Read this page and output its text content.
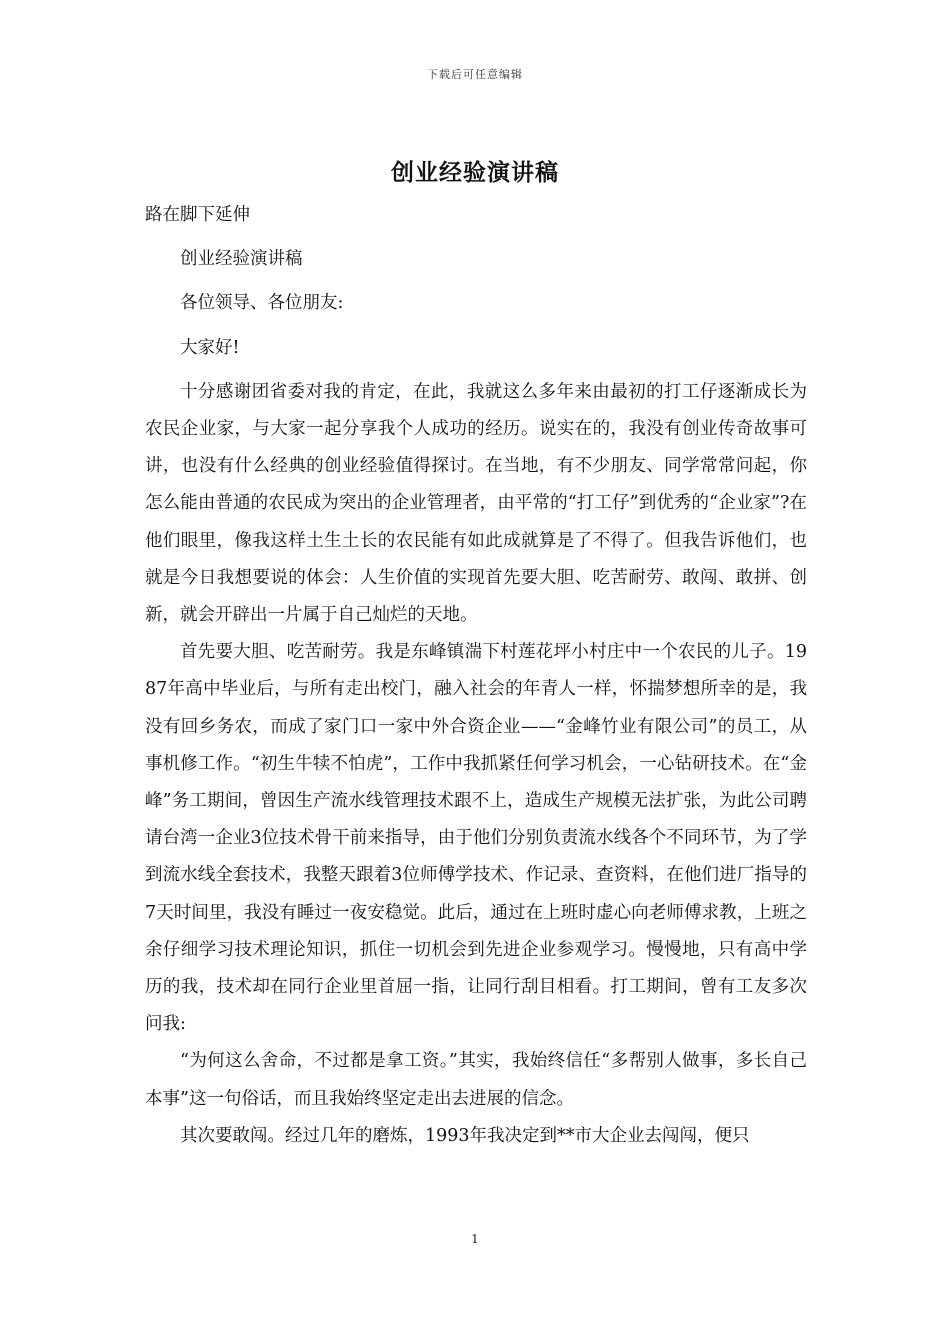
下载后可任意编辑
创业经验演讲稿

路在脚下延伸

创业经验演讲稿

各位领导、各位朋友:

大家好!

十分感谢团省委对我的肯定，在此，我就这么多年来由最初的打工仔逐渐成长为农民企业家，与大家一起分享我个人成功的经历。说实在的，我没有创业传奇故事可讲，也没有什么经典的创业经验值得探讨。在当地，有不少朋友、同学常常问起，你怎么能由普通的农民成为突出的企业管理者，由平常的“打工仔”到优秀的“企业家”?在他们眼里，像我这样土生土长的农民能有如此成就算是了不得了。但我告诉他们，也就是今日我想要说的体会：人生价值的实现首先要大胆、吃苦耐劳、敢闯、敢拼、创新，就会开辟出一片属于自己灿烂的天地。

首先要大胆、吃苦耐劳。我是东峰镇湍下村莲花坪小村庄中一个农民的儿子。1987年高中毕业后，与所有走出校门，融入社会的年青人一样，怀揣梦想所幸的是，我没有回乡务农，而成了家门口一家中外合资企业——“金峰竹业有限公司”的员工，从事机修工作。“初生牛犊不怕虎”，工作中我抓紧任何学习机会，一心钻研技术。在“金峰”务工期间，曾因生产流水线管理技术跟不上，造成生产规模无法扩张，为此公司聘请台湾一企业3位技术骨干前来指导，由于他们分别负责流水线各个不同环节，为了学到流水线全套技术，我整天跟着3位师傅学技术、作记录、查资料，在他们进厂指导的7天时间里，我没有睡过一夜安稳觉。此后，通过在上班时虚心向老师傅求教，上班之余仔细学习技术理论知识，抓住一切机会到先进企业参观学习。慢慢地，只有高中学历的我，技术却在同行企业里首屈一指，让同行刮目相看。打工期间，曾有工友多次问我:

“为何这么舍命，不过都是拿工资。”其实，我始终信任“多帮别人做事，多长自己本事”这一句俗话，而且我始终坚定走出去进展的信念。

其次要敢闯。经过几年的磨炼，1993年我决定到**市大企业去闯闯，便只

1
